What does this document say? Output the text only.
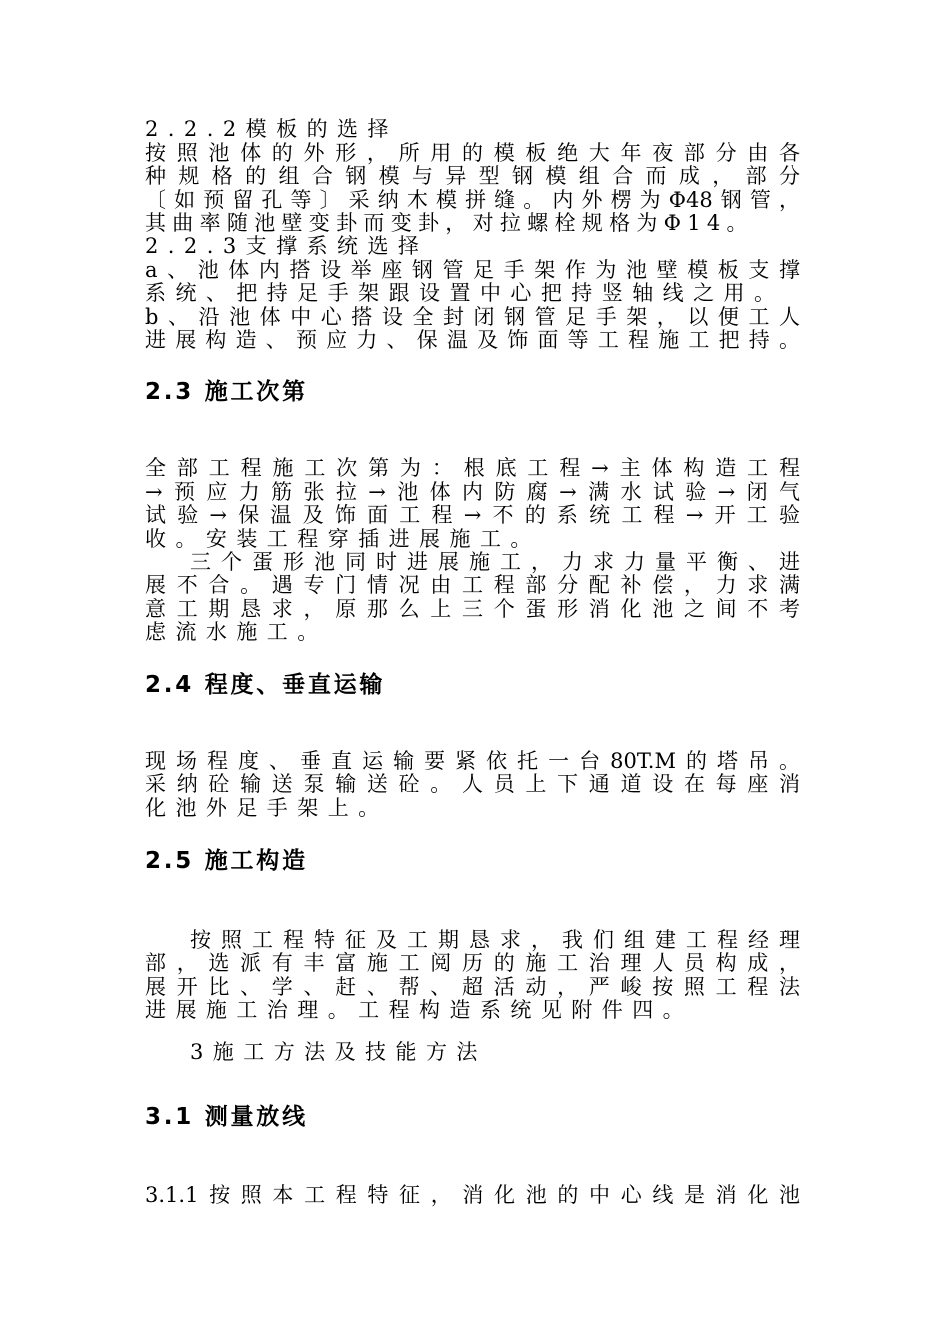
2.2.2模板的选择
按照池体的外形，所用的模板绝大年夜部分由各
种规格的组合钢模与异型钢模组合而成，部分
〔如预留孔等〕采纳木模拼缝。内外楞为Φ48钢管，
其曲率随池壁变卦而变卦，对拉螺栓规格为Φ14。
2.2.3支撑系统选择
a、池体内搭设举座钢管足手架作为池壁模板支撑
系统、把持足手架跟设置中心把持竖轴线之用。
b、沿池体中心搭设全封闭钢管足手架，以便工人
进展构造、预应力、保温及饰面等工程施工把持。
2.3 施工次第
全部工程施工次第为：根底工程→主体构造工程
→预应力筋张拉→池体内防腐→满水试验→闭气
试验→保温及饰面工程→不的系统工程→开工验
收。安装工程穿插进展施工。
三个蛋形池同时进展施工，力求力量平衡、进
展不合。遇专门情况由工程部分配补偿，力求满
意工期恳求，原那么上三个蛋形消化池之间不考
虑流水施工。
2.4 程度、垂直运输
现场程度、垂直运输要紧依托一台80T.M的塔吊。
采纳砼输送泵输送砼。人员上下通道设在每座消
化池外足手架上。
2.5 施工构造
按照工程特征及工期恳求，我们组建工程经理
部，选派有丰富施工阅历的施工治理人员构成，
展开比、学、赶、帮、超活动，严峻按照工程法
进展施工治理。工程构造系统见附件四。
3施工方法及技能方法
3.1 测量放线
3.1.1按照本工程特征，消化池的中心线是消化池
